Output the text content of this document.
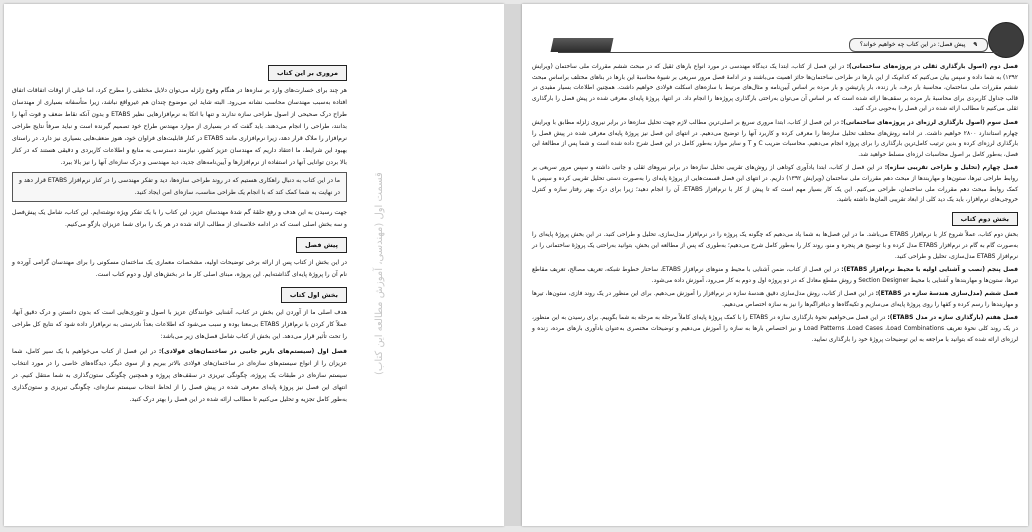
قسمت اول (مهندسی، آموزش مطالعه این کتاب)
مروری بر این کتاب

هر چند برای خسارت‌های وارد بر سازه‌ها در هنگام وقوع زلزله می‌توان دلایل مختلفی را مطرح کرد، اما خیلی از اوقات اتفاقات اتفاق افتاده به‌سبب مهندسان محاسب نشانه می‌رود. البته شاید این موضوع چندان هم غیرواقع نباشد، زیرا متأسفانه بسیاری از مهندسان طراح درک صحیحی از اصول طراحی سازه ندارند و تنها با اتکا به نرم‌افزارهایی نظیر ETABS و بدون آنکه نقاط ضعف و قوت آنها را بدانند، طراحی را انجام می‌دهند. باید گفت که در بسیاری از موارد مهندس طراح خود تصمیم گیرنده است و نباید صرفاً نتایج طراحی نرم‌افزار را ملاک قرار دهد، زیرا نرم‌افزاری مانند ETABS در کنار قابلیت‌های فراوان خود، هنوز ضعف‌هایی بسیاری نیز دارد. در راستای بهبود این شرایط، ما اعتقاد داریم که مهندسان عزیز کشور، نیازمند دسترسی به منابع و اطلاعات کاربردی و دقیقی هستند که در کنار بالا بردن توانایی آنها در استفاده از نرم‌افزارها و آیین‌نامه‌های جدید، دید مهندسی و درک سازه‌ای آنها را نیز بالا ببرد.

ما در این کتاب به دنبال راهکاری هستیم که در روند طراحی سازه‌ها، دید و تفکر مهندسی را در کنار نرم‌افزار ETABS قرار دهد و در نهایت به شما کمک کند که با انجام یک طراحی مناسب، سازه‌ای امن ایجاد کنید.

جهت رسیدن به این هدف و رفع حلقهٔ گم شدهٔ مهندسان عزیز، این کتاب را با یک تفکر ویژه نوشته‌ایم. این کتاب، شامل یک پیش‌فصل و سه بخش اصلی است که در ادامه خلاصه‌ای از مطالب ارائه شده در هر یک را برای شما عزیزان بازگو می‌کنیم.

پیش فصل

در این بخش از کتاب پس از ارائه برخی توضیحات اولیه، مشخصات معماری یک ساختمان مسکونی را برای مهندسان گرامی آورده و نام آن را پروژهٔ پایه‌ای گذاشته‌ایم. این پروژه، مبنای اصلی کار ما در بخش‌های اول و دوم کتاب است.

بخش اول کتاب

هدف اصلی ما از آوردن این بخش در کتاب، آشنایی خوانندگان عزیز با اصول و تئوری‌هایی است که بدون دانستن و درک دقیق آنها، عملاً کار کردن با نرم‌افزار ETABS بی‌معنا بوده و سبب می‌شود که اطلاعات بعداً نادرستی به نرم‌افزار داده شود که نتایج کل طراحی را تحت تأثیر قرار می‌دهد. این بخش از کتاب شامل فصل‌های زیر می‌باشد:

فصل اول (سیستم‌های باربر جانبی در ساختمان‌های فولادی): در این فصل از کتاب می‌خواهیم با یک سیر کامل، شما عزیزان را از انواع سیستم‌های سازه‌ای در ساختمان‌های فولادی بالاتر ببریم و از سوی دیگر، دیدگاه‌های خاصی را در مورد انتخاب سیستم سازه‌ای در طبقات یک پروژه، چگونگی تیریزی در سقف‌های پروژه و همچنین چگونگی ستون‌گذاری به شما منتقل کنیم. در انتهای این فصل نیز پروژهٔ پایه‌ای معرفی شده در پیش فصل را از لحاظ انتخاب سیستم سازه‌ای، چگونگی تیریزی و ستون‌گذاری به‌طور کامل تجزیه و تحلیل می‌کنیم تا مطالب ارائه شده در این فصل را بهتر درک کنید.

۹ پیش فصل: در این کتاب چه خواهیم خواند؟

فصل دوم (اصول بارگذاری ثقلی در پروژه‌های ساختمانی): در این فصل از کتاب، ابتدا یک دیدگاه مهندسی در مورد انواع بارهای ثقیل که در مبحث ششم مقررات ملی ساختمان (ویرایش ۱۳۹۲) به شما داده و سپس بیان می‌کنیم که کدام‌یک از این بارها در طراحی ساختمان‌ها حائز اهمیت می‌باشند و در ادامهٔ فصل مرور سریعی بر شیوهٔ محاسبهٔ این بارها در بناهای مختلف براساس مبحث ششم مقررات ملی ساختمان، محاسبهٔ بار برف، بار زنده، بار پارتیشن و بار مرده بر اساس آیین‌نامه و مثال‌های مرتبط با سازه‌های اسکلت فولادی خواهیم داشت. همچنین اطلاعات بسیار مفیدی در قالب جداول کاربردی برای محاسبهٔ بار مرده بر سقف‌ها ارائه شده است که بر اساس آن می‌توان به‌راحتی بارگذاری پروژه‌ها را انجام داد. در انتها، پروژهٔ پایه‌ای معرفی شده در پیش فصل را بارگذاری ثقلی می‌کنیم تا مطالب ارائه شده در این فصل را به‌خوبی درک کنید.

فصل سوم (اصول بارگذاری لرزه‌ای در پروژه‌های ساختمانی): در این فصل از کتاب، ابتدا مروری سریع بر اصلی‌ترین مطالب لازم جهت تحلیل سازه‌ها در برابر نیروی زلزله مطابق با ویرایش چهارم استاندارد ۲۸۰۰ خواهیم داشت. در ادامه روش‌های مختلف تحلیل سازه‌ها را معرفی کرده و کاربرد آنها را توضیح می‌دهیم. در انتهای این فصل نیز پروژهٔ پایه‌ای معرفی شده در پیش فصل را بارگذاری لرزه‌ای کرده و بدین ترتیب کامل‌ترین بارگذاری را برای پروژه انجام می‌دهیم. محاسبات ضریب C و T و سایر موارد به‌طور کامل در این فصل شرح داده شده است و شما پس از مطالعهٔ این فصل، به‌طور کامل بر اصول محاسبات لرزه‌ای مسلط خواهید شد.

فصل چهارم (تحلیل و طراحی تقریبی سازه): در این فصل از کتاب، ابتدا یادآوری کوتاهی از روش‌های تقریبی تحلیل سازه‌ها در برابر نیروهای ثقلی و جانبی داشته و سپس مرور سریعی بر روابط طراحی تیرها، ستون‌ها و مهاربندها از مبحث دهم مقررات ملی ساختمان (ویرایش ۱۳۹۲) داریم. در انتهای این فصل قسمت‌هایی از پروژهٔ پایه‌ای را به‌صورت دستی تحلیل تقریبی کرده و سپس با کمک روابط مبحث دهم مقررات ملی ساختمان، طراحی می‌کنیم. این یک کار بسیار مهم است که تا پیش از کار با نرم‌افزار ETABS، آن را انجام دهید؛ زیرا برای درک بهتر رفتار سازه و کنترل خروجی‌های نرم‌افزار، باید یک دید کلی از ابعاد تقریبی المان‌ها داشته باشید.

بخش دوم کتاب

بخش دوم کتاب، عملاً شروع کار با نرم‌افزار ETABS می‌باشد. ما در این فصل‌ها به شما یاد می‌دهیم که چگونه یک پروژه را در نرم‌افزار مدل‌سازی، تحلیل و طراحی کنید. در این بخش پروژهٔ پایه‌ای را به‌صورت گام به گام در نرم‌افزار ETABS مدل کرده و با توضیح هر پنجره و منو، روند کار را به‌طور کامل شرح می‌دهیم؛ به‌طوری که پس از مطالعه این بخش، بتوانید به‌راحتی یک پروژهٔ ساختمانی را در نرم‌افزار ETABS مدل‌سازی، تحلیل و طراحی کنید.

فصل پنجم (نصب و آشنایی اولیه با محیط نرم‌افزار ETABS): در این فصل از کتاب، ضمن آشنایی با محیط و منوهای نرم‌افزار ETABS، ساختار خطوط شبکه، تعریف مصالح، تعریف مقاطع تیرها، ستون‌ها و مهاربندها و آشنایی با محیط Section Designer و روش مقطع معادل که در دو پروژه اول و دوم به کار می‌رود، آموزش داده می‌شود.

فصل ششم (مدل‌سازی هندسهٔ سازه در ETABS): در این فصل از کتاب، روش مدل‌سازی دقیق هندسهٔ سازه در نرم‌افزار را آموزش می‌دهیم. برای این منظور در یک روند فازی، ستون‌ها، تیرها و مهاربندها را رسم کرده و کفها را روی پروژهٔ پایه‌ای می‌سازیم و تکیه‌گاه‌ها و دیافراگم‌ها را نیز به سازه اختصاص می‌دهیم.

فصل هفتم (بارگذاری سازه در مدل ETABS): در این فصل می‌خواهیم نحوهٔ بارگذاری سازه در ETABS را با کمک پروژهٔ پایه‌ای کاملاً مرحله به مرحله به شما بگوییم. برای رسیدن به این منظور، در یک روند کلی نحوهٔ تعریف Load Patterns ،Load Cases ،Load Combinations و نیز اختصاص بارها به سازه را آموزش می‌دهیم و توضیحات مختصری به‌عنوان یادآوری بارهای مرده، زنده و لرزه‌ای ارائه شده که بتوانید با مراجعه به این توضیحات پروژهٔ خود را بارگذاری نمایید.
